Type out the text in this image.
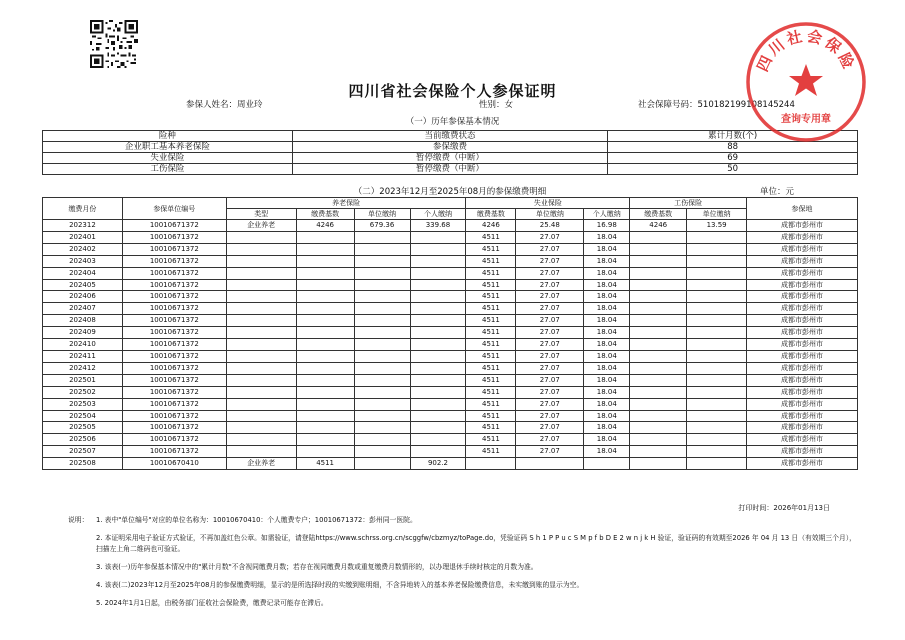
四川省社会保险个人参保证明
参保人姓名：周业玲	性别：女	社会保障号码：510182199108145244
（一）历年参保基本情况
险种	当前缴费状态	累计月数(个)
企业职工基本养老保险	参保缴费	88
失业保险	暂停缴费（中断）	69
工伤保险	暂停缴费（中断）	50
（二）2023年12月至2025年08月的参保缴费明细	单位：元
缴费月份	参保单位编号	养老保险				失业保险			工伤保险		参保地
		类型	缴费基数	单位缴纳	个人缴纳	缴费基数	单位缴纳	个人缴纳	缴费基数	单位缴纳	
202312	10010671372	企业养老	4246	679.36	339.68	4246	25.48	16.98	4246	13.59	成都市彭州市
202401	10010671372					4511	27.07	18.04			成都市彭州市
202402	10010671372					4511	27.07	18.04			成都市彭州市
202403	10010671372					4511	27.07	18.04			成都市彭州市
202404	10010671372					4511	27.07	18.04			成都市彭州市
202405	10010671372					4511	27.07	18.04			成都市彭州市
202406	10010671372					4511	27.07	18.04			成都市彭州市
202407	10010671372					4511	27.07	18.04			成都市彭州市
202408	10010671372					4511	27.07	18.04			成都市彭州市
202409	10010671372					4511	27.07	18.04			成都市彭州市
202410	10010671372					4511	27.07	18.04			成都市彭州市
202411	10010671372					4511	27.07	18.04			成都市彭州市
202412	10010671372					4511	27.07	18.04			成都市彭州市
202501	10010671372					4511	27.07	18.04			成都市彭州市
202502	10010671372					4511	27.07	18.04			成都市彭州市
202503	10010671372					4511	27.07	18.04			成都市彭州市
202504	10010671372					4511	27.07	18.04			成都市彭州市
202505	10010671372					4511	27.07	18.04			成都市彭州市
202506	10010671372					4511	27.07	18.04			成都市彭州市
202507	10010671372					4511	27.07	18.04			成都市彭州市
202508	10010670410	企业养老	4511		902.2						成都市彭州市
打印时间：2026年01月13日
说明： 1. 表中"单位编号"对应的单位名称为：10010670410：个人缴费专户；10010671372：彭州同一医院。
2. 本证明采用电子验证方式验证，不再加盖红色公章。如需验证，请登陆https://www.schrss.org.cn/scggfw/cbzmyz/toPage.do，凭验证码 S h 1 P P u c S M p f b D E 2 w n j k H 验证，验证码的有效期至2026 年 04 月 13 日（有效期三个月），扫描左上角二维码也可验证。
3. 该表(一)历年参保基本情况中的"累计月数"不含视同缴费月数；若存在视同缴费月数或重复缴费月数情形的，以办理退休手续时核定的月数为准。
4. 该表(二)2023年12月至2025年08月的参保缴费明细，显示的是所选择时段的实缴到账明细，不含异地转入的基本养老保险缴费信息，未实缴到账的显示为空。
5. 2024年1月1日起，由税务部门征收社会保险费，缴费记录可能存在滞后。
四川社会保险
查询专用章
